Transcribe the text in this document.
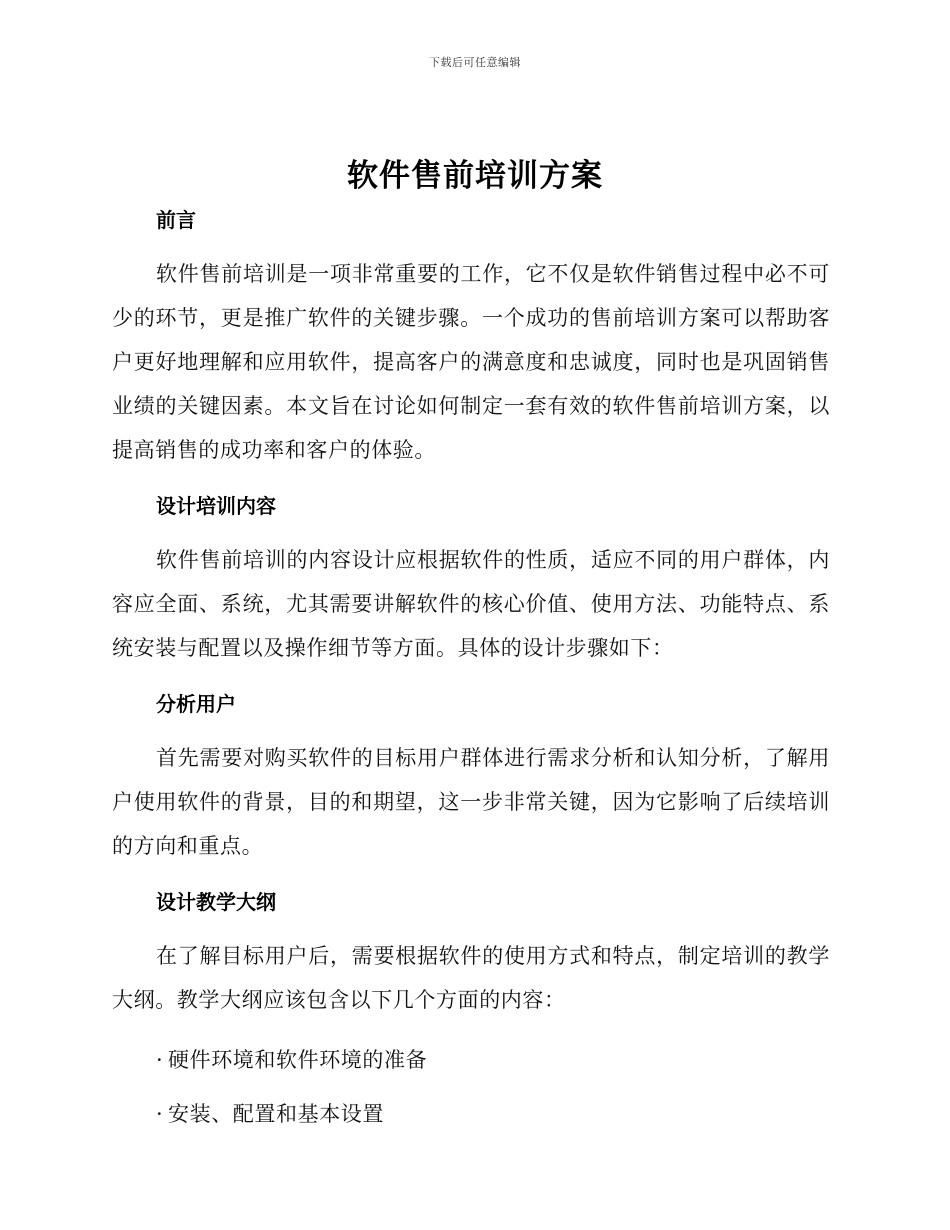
下载后可任意编辑
软件售前培训方案
前言

软件售前培训是一项非常重要的工作，它不仅是软件销售过程中必不可少的环节，更是推广软件的关键步骤。一个成功的售前培训方案可以帮助客户更好地理解和应用软件，提高客户的满意度和忠诚度，同时也是巩固销售业绩的关键因素。本文旨在讨论如何制定一套有效的软件售前培训方案，以提高销售的成功率和客户的体验。

设计培训内容

软件售前培训的内容设计应根据软件的性质，适应不同的用户群体，内容应全面、系统，尤其需要讲解软件的核心价值、使用方法、功能特点、系统安装与配置以及操作细节等方面。具体的设计步骤如下：

分析用户

首先需要对购买软件的目标用户群体进行需求分析和认知分析，了解用户使用软件的背景，目的和期望，这一步非常关键，因为它影响了后续培训的方向和重点。

设计教学大纲

在了解目标用户后，需要根据软件的使用方式和特点，制定培训的教学大纲。教学大纲应该包含以下几个方面的内容：

· 硬件环境和软件环境的准备
· 安装、配置和基本设置
